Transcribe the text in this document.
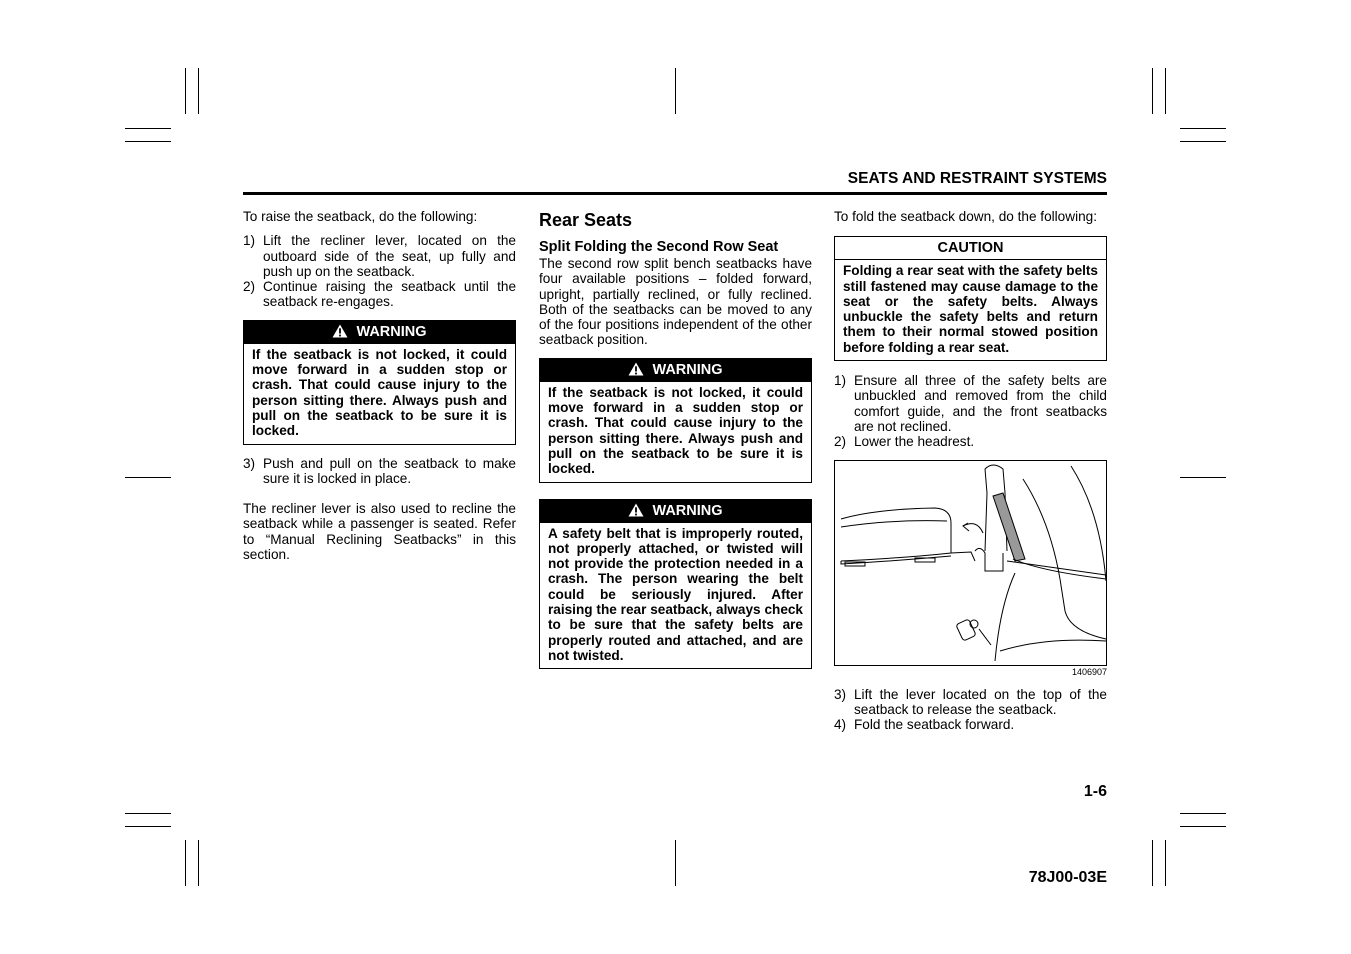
SEATS AND RESTRAINT SYSTEMS

To raise the seatback, do the following:

1) Lift the recliner lever, located on the outboard side of the seat, up fully and push up on the seatback.
2) Continue raising the seatback until the seatback re-engages.
WARNING
If the seatback is not locked, it could move forward in a sudden stop or crash. That could cause injury to the person sitting there. Always push and pull on the seatback to be sure it is locked.
3) Push and pull on the seatback to make sure it is locked in place.

The recliner lever is also used to recline the seatback while a passenger is seated. Refer to “Manual Reclining Seatbacks” in this section.

Rear Seats
Split Folding the Second Row Seat

The second row split bench seatbacks have four available positions – folded forward, upright, partially reclined, or fully reclined. Both of the seatbacks can be moved to any of the four positions independent of the other seatback position.

WARNING
If the seatback is not locked, it could move forward in a sudden stop or crash. That could cause injury to the person sitting there. Always push and pull on the seatback to be sure it is locked.
WARNING
A safety belt that is improperly routed, not properly attached, or twisted will not provide the protection needed in a crash. The person wearing the belt could be seriously injured. After raising the rear seatback, always check to be sure that the safety belts are properly routed and attached, and are not twisted.

To fold the seatback down, do the following:

CAUTION
Folding a rear seat with the safety belts still fastened may cause damage to the seat or the safety belts. Always unbuckle the safety belts and return them to their normal stowed position before folding a rear seat.
1) Ensure all three of the safety belts are unbuckled and removed from the child comfort guide, and the front seatbacks are not reclined.
2) Lower the headrest.
1406907
3) Lift the lever located on the top of the seatback to release the seatback.
4) Fold the seatback forward.
1-6
78J00-03E
